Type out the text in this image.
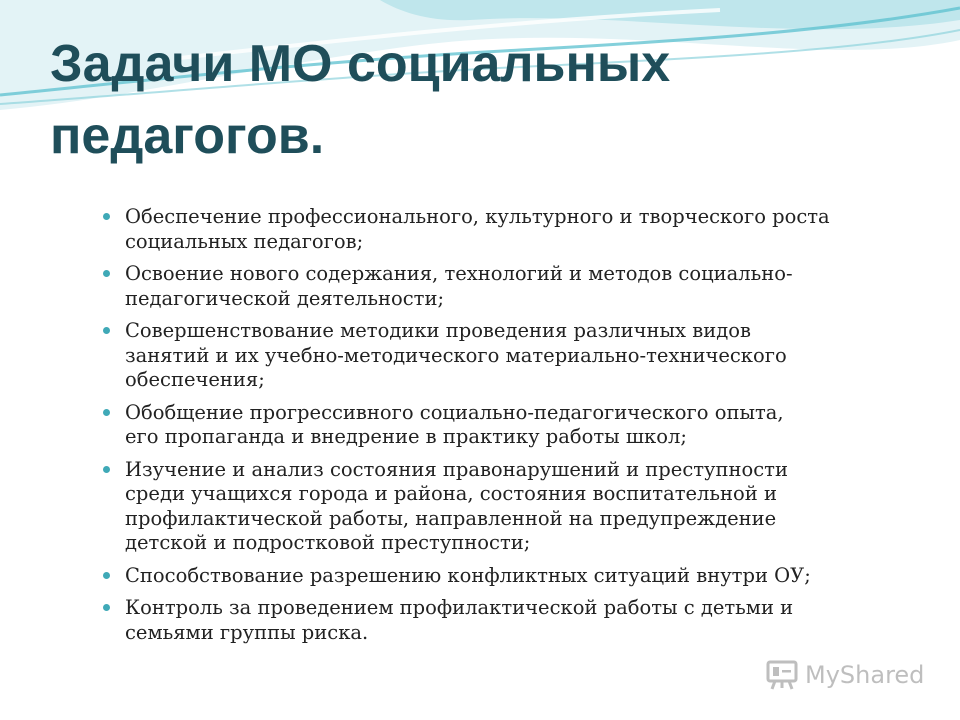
Задачи МО социальных
педагогов.
Обеспечение профессионального, культурного и творческого роста
социальных педагогов;
Освоение нового содержания, технологий и методов социально-
педагогической деятельности;
Совершенствование методики проведения различных видов
занятий и их учебно-методического материально-технического
обеспечения;
Обобщение прогрессивного социально-педагогического опыта,
его пропаганда и внедрение в практику работы школ;
Изучение и анализ состояния правонарушений и преступности
среди учащихся города и района, состояния воспитательной и
профилактической работы, направленной на предупреждение
детской и подростковой преступности;
Способствование разрешению конфликтных ситуаций внутри ОУ;
Контроль за проведением профилактической работы с детьми и
семьями группы риска.
MyShared
